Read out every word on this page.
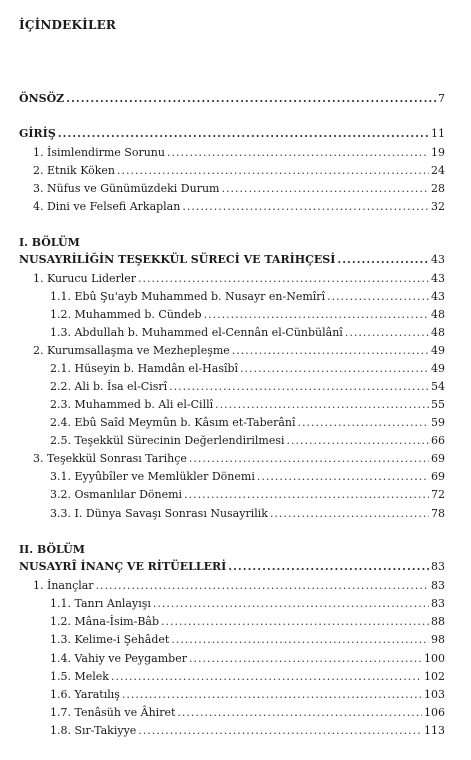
İÇİNDEKİLER
ÖNSÖZ .....	7
GİRİŞ .....	11
1. İsimlendirme Sorunu .....	19
2. Etnik Köken .....	24
3. Nüfus ve Günümüzdeki Durum .....	28
4. Dini ve Felsefi Arkaplan .....	32
I. BÖLÜM
NUSAYRİLİĞİN TEŞEKKÜL SÜRECİ VE TARİHÇESİ .....	43
1. Kurucu Liderler .....	43
1.1. Ebû Şu'ayb Muhammed b. Nusayr en-Nemîrî .....	43
1.2. Muhammed b. Cündeb .....	48
1.3. Abdullah b. Muhammed el-Cennân el-Cünbülânî .....	48
2. Kurumsallaşma ve Mezhepleşme .....	49
2.1. Hüseyin b. Hamdân el-Hasîbî .....	49
2.2. Ali b. İsa el-Cisrî .....	54
2.3. Muhammed b. Ali el-Cillî .....	55
2.4. Ebû Saîd Meymûn b. Kâsım et-Taberânî .....	59
2.5. Teşekkül Sürecinin Değerlendirilmesi .....	66
3. Teşekkül Sonrası Tarihçe .....	69
3.1. Eyyûbîler ve Memlükler Dönemi .....	69
3.2. Osmanlılar Dönemi .....	72
3.3. I. Dünya Savaşı Sonrası Nusayrilik .....	78
II. BÖLÜM
NUSAYRÎ İNANÇ VE RİTÜELLERİ .....	83
1. İnançlar .....	83
1.1. Tanrı Anlayışı .....	83
1.2. Mâna-İsim-Bâb .....	88
1.3. Kelime-i Şehâdet .....	98
1.4. Vahiy ve Peygamber .....	100
1.5. Melek .....	102
1.6. Yaratılış .....	103
1.7. Tenâsüh ve Âhiret .....	106
1.8. Sır-Takiyye .....	113
